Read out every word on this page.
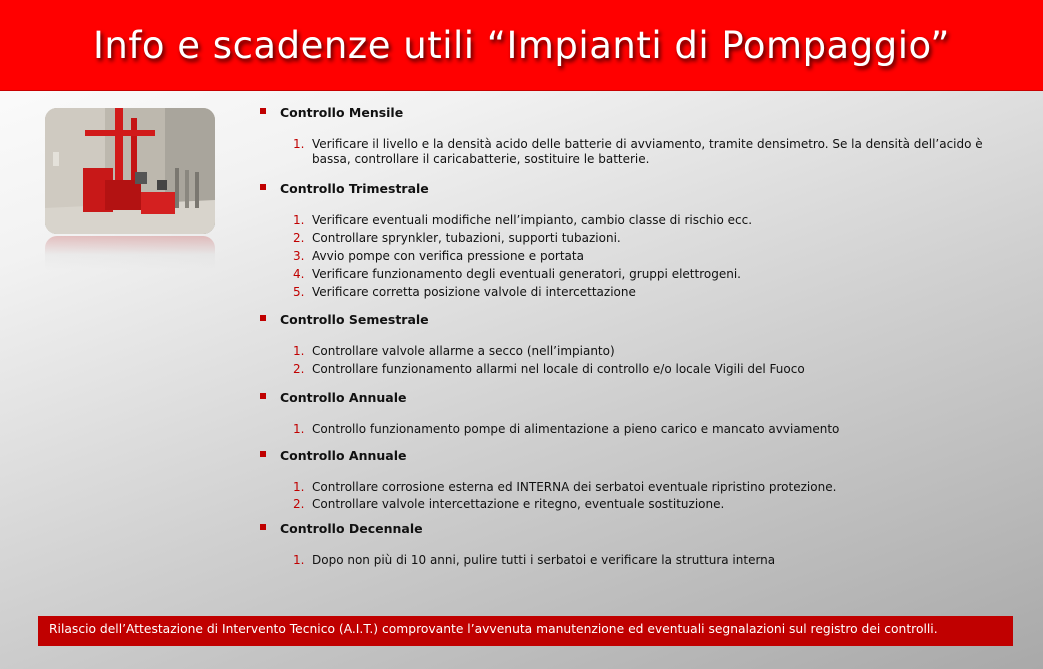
Info e scadenze utili “Impianti di Pompaggio”
Controllo Mensile
1. Verificare il livello e la densità acido delle batterie di avviamento, tramite densimetro. Se la densità dell’acido è bassa, controllare il caricabatterie, sostituire le batterie.
Controllo Trimestrale
1. Verificare eventuali modifiche nell’impianto, cambio classe di rischio ecc.
2. Controllare sprynkler, tubazioni, supporti tubazioni.
3. Avvio pompe con verifica pressione e portata
4. Verificare funzionamento degli eventuali generatori, gruppi elettrogeni.
5. Verificare corretta posizione valvole di intercettazione
Controllo Semestrale
1. Controllare valvole allarme a secco (nell’impianto)
2. Controllare funzionamento allarmi nel locale di controllo e/o locale Vigili del Fuoco
Controllo Annuale
1. Controllo funzionamento pompe di alimentazione a pieno carico e mancato avviamento
Controllo Annuale
1. Controllare corrosione esterna ed INTERNA dei serbatoi eventuale ripristino protezione.
2. Controllare valvole intercettazione e ritegno, eventuale sostituzione.
Controllo Decennale
1. Dopo non più di 10 anni, pulire tutti i serbatoi e verificare la struttura interna
Rilascio dell’Attestazione di Intervento Tecnico (A.I.T.) comprovante l’avvenuta manutenzione ed eventuali segnalazioni sul registro dei controlli.
